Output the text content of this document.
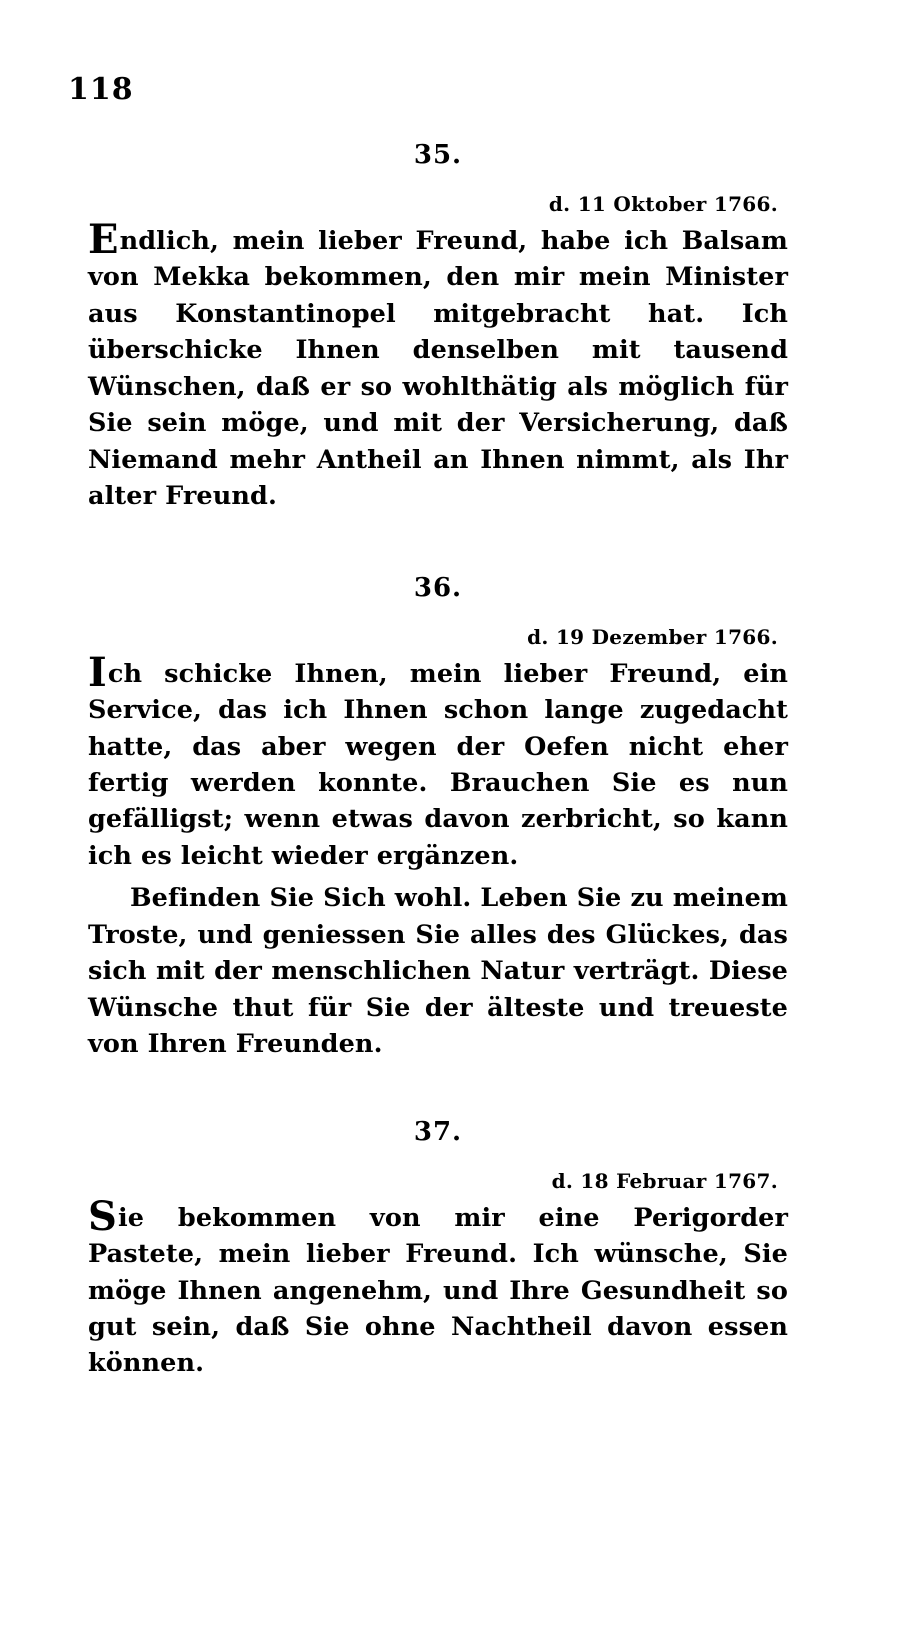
118
35.
d. 11 Oktober 1766.

Endlich, mein lieber Freund, habe ich Balsam von Mekka bekommen, den mir mein Minister aus Konstantinopel mitgebracht hat. Ich überschicke Ihnen denselben mit tausend Wünschen, daß er so wohlthätig als möglich für Sie sein möge, und mit der Versicherung, daß Niemand mehr Antheil an Ihnen nimmt, als Ihr alter Freund.

36.
d. 19 Dezember 1766.

Ich schicke Ihnen, mein lieber Freund, ein Service, das ich Ihnen schon lange zugedacht hatte, das aber wegen der Oefen nicht eher fertig werden konnte. Brauchen Sie es nun gefälligst; wenn etwas davon zerbricht, so kann ich es leicht wieder ergänzen.

Befinden Sie Sich wohl. Leben Sie zu meinem Troste, und geniessen Sie alles des Glückes, das sich mit der menschlichen Natur verträgt. Diese Wünsche thut für Sie der älteste und treueste von Ihren Freunden.

37.
d. 18 Februar 1767.

Sie bekommen von mir eine Perigorder Pastete, mein lieber Freund. Ich wünsche, Sie möge Ihnen angenehm, und Ihre Gesundheit so gut sein, daß Sie ohne Nachtheil davon essen können.
